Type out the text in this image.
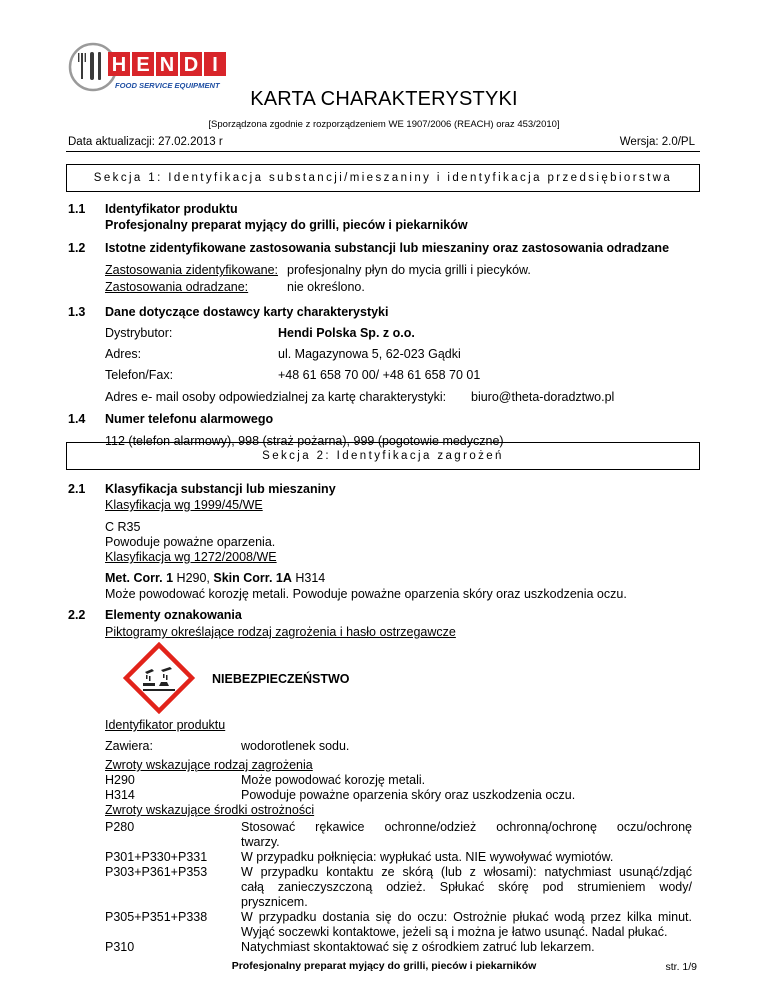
H E N D I
FOOD SERVICE EQUIPMENT
KARTA CHARAKTERYSTYKI
[Sporządzona zgodnie z rozporządzeniem WE 1907/2006 (REACH) oraz 453/2010]
Data aktualizacji: 27.02.2013 r	Wersja: 2.0/PL
Sekcja 1: Identyfikacja substancji/mieszaniny i identyfikacja przedsiębiorstwa
1.1 Identyfikator produktu
Profesjonalny preparat myjący do grilli, pieców i piekarników
1.2 Istotne zidentyfikowane zastosowania substancji lub mieszaniny oraz zastosowania odradzane
Zastosowania zidentyfikowane: profesjonalny płyn do mycia grilli i piecyków.
Zastosowania odradzane:	nie określono.
1.3 Dane dotyczące dostawcy karty charakterystyki
Dystrybutor:	Hendi Polska Sp. z o.o.
Adres:	ul. Magazynowa 5, 62-023 Gądki
Telefon/Fax:	+48 61 658 70 00/ +48 61 658 70 01
Adres e- mail osoby odpowiedzialnej za kartę charakterystyki: biuro@theta-doradztwo.pl
1.4 Numer telefonu alarmowego
112 (telefon alarmowy), 998 (straż pożarna), 999 (pogotowie medyczne)
Sekcja 2: Identyfikacja zagrożeń
2.1 Klasyfikacja substancji lub mieszaniny
Klasyfikacja wg 1999/45/WE
C R35
Powoduje poważne oparzenia.
Klasyfikacja wg 1272/2008/WE
Met. Corr. 1 H290, Skin Corr. 1A H314
Może powodować korozję metali. Powoduje poważne oparzenia skóry oraz uszkodzenia oczu.
2.2 Elementy oznakowania
Piktogramy określające rodzaj zagrożenia i hasło ostrzegawcze
NIEBEZPIECZEŃSTWO
Identyfikator produktu
Zawiera:	wodorotlenek sodu.
Zwroty wskazujące rodzaj zagrożenia
H290	Może powodować korozję metali.
H314	Powoduje poważne oparzenia skóry oraz uszkodzenia oczu.
Zwroty wskazujące środki ostrożności
P280	Stosować rękawice ochronne/odzież ochronną/ochronę oczu/ochronę
twarzy.
P301+P330+P331	W przypadku połknięcia: wypłukać usta. NIE wywoływać wymiotów.
P303+P361+P353	W przypadku kontaktu ze skórą (lub z włosami): natychmiast usunąć/zdjąć
całą zanieczyszczoną odzież. Spłukać skórę pod strumieniem wody/
prysznicem.
P305+P351+P338	W przypadku dostania się do oczu: Ostrożnie płukać wodą przez kilka minut.
Wyjąć soczewki kontaktowe, jeżeli są i można je łatwo usunąć. Nadal płukać.
P310	Natychmiast skontaktować się z ośrodkiem zatruć lub lekarzem.
Profesjonalny preparat myjący do grilli, pieców i piekarników	str. 1/9
